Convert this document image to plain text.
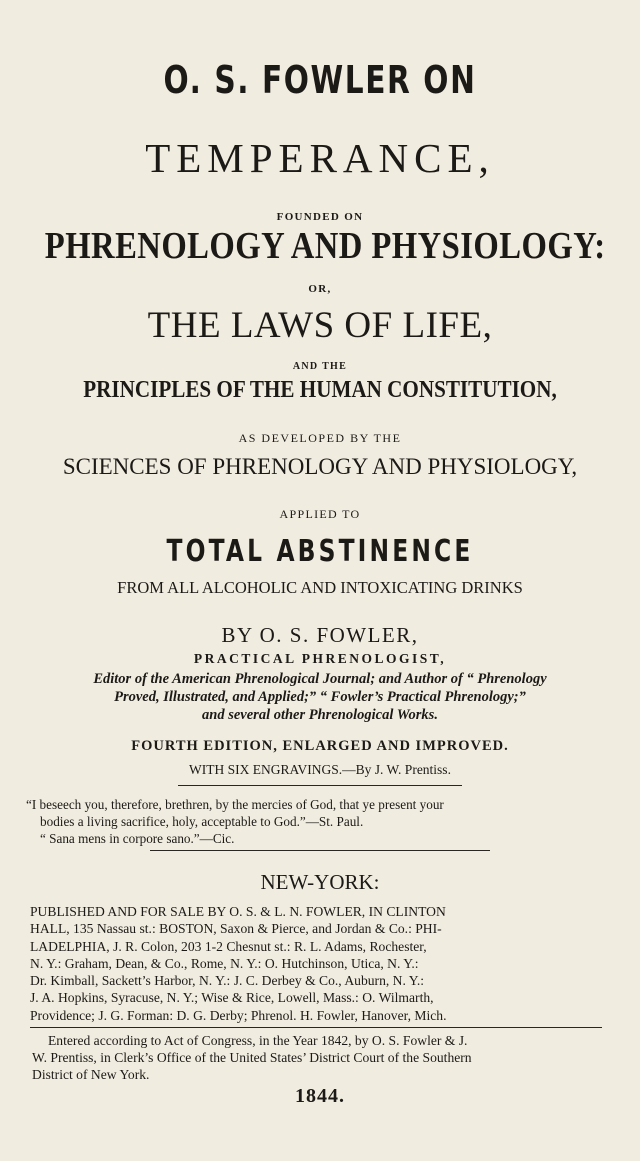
O. S. FOWLER ON
TEMPERANCE,
FOUNDED ON
PHRENOLOGY AND PHYSIOLOGY:
OR,
THE LAWS OF LIFE,
AND THE
PRINCIPLES OF THE HUMAN CONSTITUTION,
AS DEVELOPED BY THE
SCIENCES OF PHRENOLOGY AND PHYSIOLOGY,
APPLIED TO
TOTAL ABSTINENCE
FROM ALL ALCOHOLIC AND INTOXICATING DRINKS
BY O. S. FOWLER,
PRACTICAL PHRENOLOGIST,
Editor of the American Phrenological Journal; and Author of “ Phrenology
Proved, Illustrated, and Applied;” “ Fowler’s Practical Phrenology;”
and several other Phrenological Works.
FOURTH EDITION, ENLARGED AND IMPROVED.
WITH SIX ENGRAVINGS.—By J. W. Prentiss.
“I beseech you, therefore, brethren, by the mercies of God, that ye present your
bodies a living sacrifice, holy, acceptable to God.”—St. Paul.
“ Sana mens in corpore sano.”—Cic.
NEW-YORK:
PUBLISHED AND FOR SALE BY O. S. & L. N. FOWLER, IN CLINTON
HALL, 135 Nassau st.: BOSTON, Saxon & Pierce, and Jordan & Co.: PHI-
LADELPHIA, J. R. Colon, 203 1-2 Chesnut st.: R. L. Adams, Rochester,
N. Y.: Graham, Dean, & Co., Rome, N. Y.: O. Hutchinson, Utica, N. Y.:
Dr. Kimball, Sackett’s Harbor, N. Y.: J. C. Derbey & Co., Auburn, N. Y.:
J. A. Hopkins, Syracuse, N. Y.; Wise & Rice, Lowell, Mass.: O. Wilmarth,
Providence; J. G. Forman: D. G. Derby; Phrenol. H. Fowler, Hanover, Mich.
Entered according to Act of Congress, in the Year 1842, by O. S. Fowler & J.
W. Prentiss, in Clerk’s Office of the United States’ District Court of the Southern
District of New York.
1844.
